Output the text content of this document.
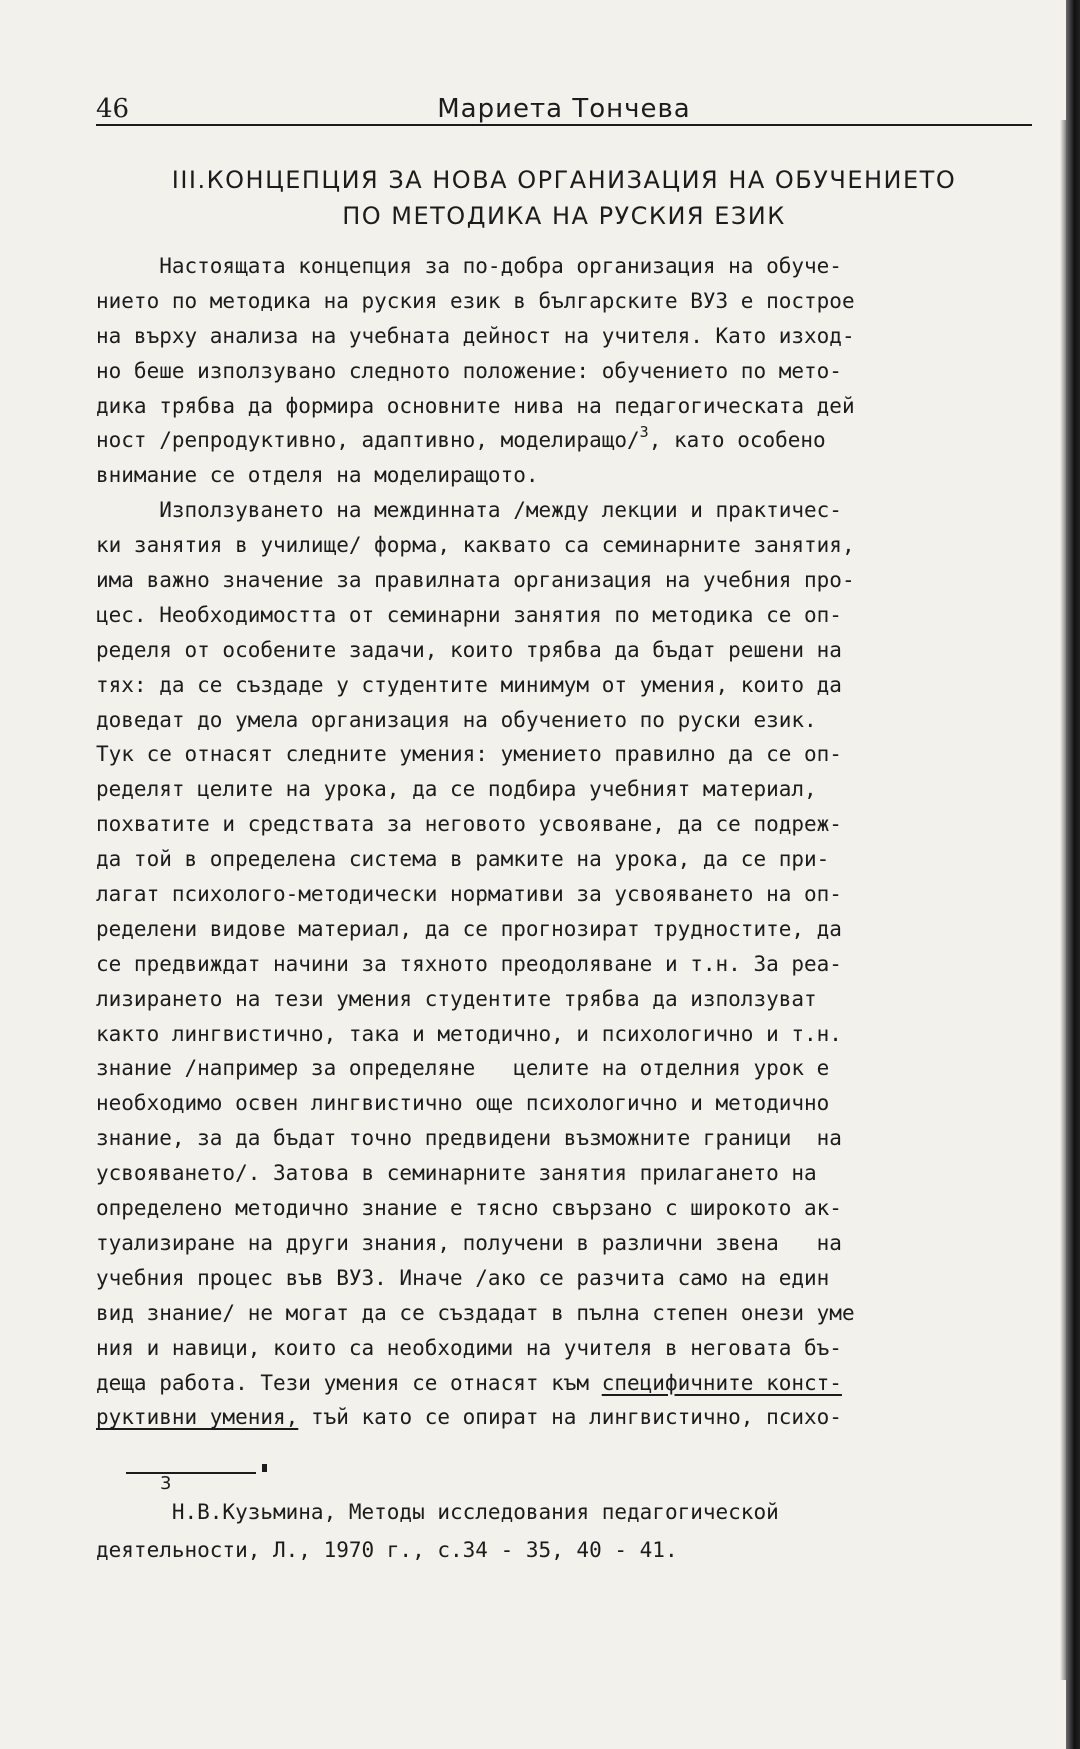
46	Мариета Тончева
III.КОНЦЕПЦИЯ ЗА НОВА ОРГАНИЗАЦИЯ НА ОБУЧЕНИЕТО
ПО МЕТОДИКА НА РУСКИЯ ЕЗИК
Настоящата концепция за по-добра организация на обуче-
нието по методика на руския език в българските ВУЗ е построе
на върху анализа на учебната дейност на учителя. Като изход-
но беше използувано следното положение: обучението по мето-
дика трябва да формира основните нива на педагогическата дей
ност /репродуктивно, адаптивно, моделиращо/$^3$, като особено
внимание се отделя на моделиращото.
Използуването на междинната /между лекции и практичес-
ки занятия в училище/ форма, каквато са семинарните занятия,
има важно значение за правилната организация на учебния про-
цес. Необходимостта от семинарни занятия по методика се оп-
ределя от особените задачи, които трябва да бъдат решени на
тях: да се създаде у студентите минимум от умения, които да
доведат до умела организация на обучението по руски език.
Тук се отнасят следните умения: умението правилно да се оп-
ределят целите на урока, да се подбира учебният материал,
похватите и средствата за неговото усвояване, да се подреж-
да той в определена система в рамките на урока, да се при-
лагат психолого-методически нормативи за усвояването на оп-
ределени видове материал, да се прогнозират трудностите, да
се предвиждат начини за тяхното преодоляване и т.н. За реа-
лизирането на тези умения студентите трябва да използуват
както лингвистично, така и методично, и психологично и т.н.
знание /например за определяне   целите на отделния урок е
необходимо освен лингвистично още психологично и методично
знание, за да бъдат точно предвидени възможните граници  на
усвояването/. Затова в семинарните занятия прилагането на
определено методично знание е тясно свързано с широкото ак-
туализиране на други знания, получени в различни звена   на
учебния процес във ВУЗ. Иначе /ако се разчита само на един
вид знание/ не могат да се създадат в пълна степен онези уме
ния и навици, които са необходими на учителя в неговата бъ-
деща работа. Тези умения се отнасят към специфичните конст-
руктивни умения, тъй като се опират на лингвистично, психо-
3
Н.В.Кузьмина, Методы исследования педагогической
деятельности, Л., 1970 г., с.34 - 35, 40 - 41.
